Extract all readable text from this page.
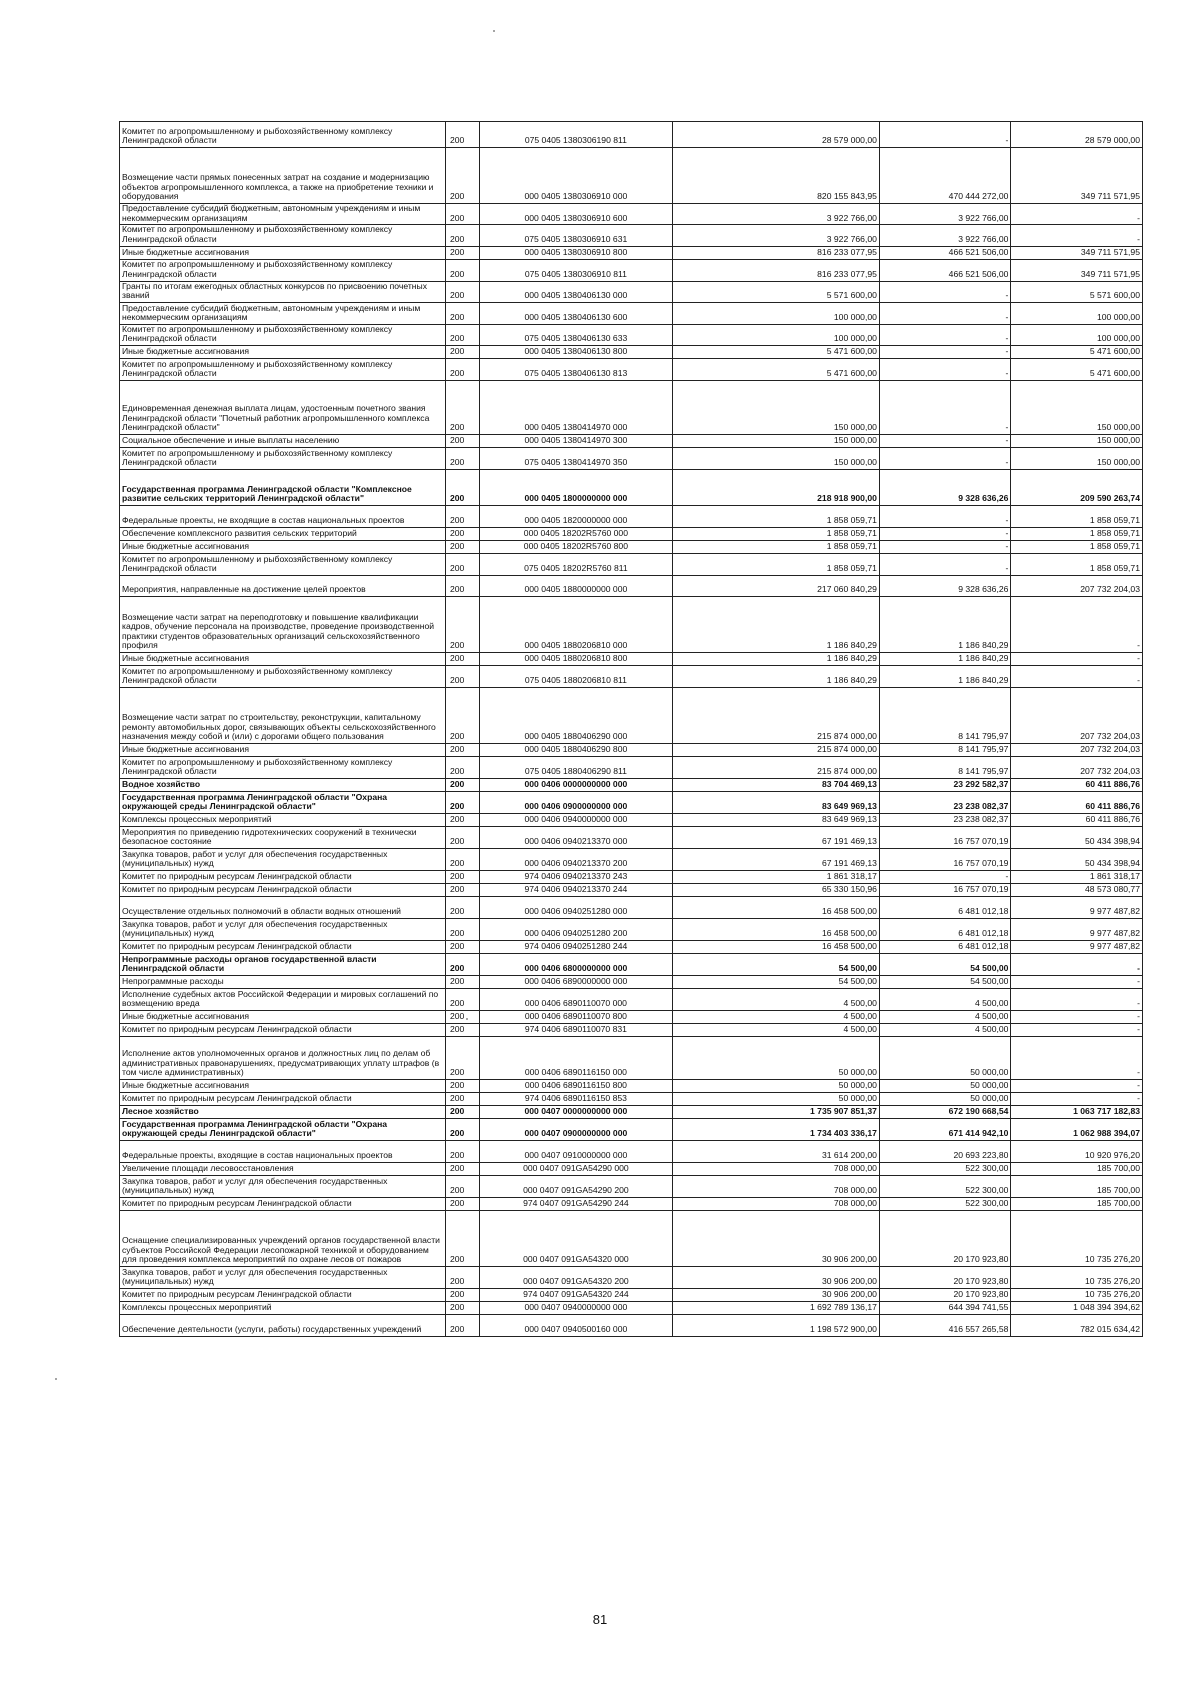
Комитет по агропромышленному и рыбохозяйственному комплексу Ленинградской области	200	075 0405 1380306190 811	28 579 000,00	-	28 579 000,00
Возмещение части прямых понесенных затрат на создание и модернизацию объектов агропромышленного комплекса, а также на приобретение техники и оборудования	200	000 0405 1380306910 000	820 155 843,95	470 444 272,00	349 711 571,95
Предоставление субсидий бюджетным, автономным учреждениям и иным некоммерческим организациям	200	000 0405 1380306910 600	3 922 766,00	3 922 766,00	-
Комитет по агропромышленному и рыбохозяйственному комплексу Ленинградской области	200	075 0405 1380306910 631	3 922 766,00	3 922 766,00	-
Иные бюджетные ассигнования	200	000 0405 1380306910 800	816 233 077,95	466 521 506,00	349 711 571,95
Комитет по агропромышленному и рыбохозяйственному комплексу Ленинградской области	200	075 0405 1380306910 811	816 233 077,95	466 521 506,00	349 711 571,95
Гранты по итогам ежегодных областных конкурсов по присвоению почетных званий	200	000 0405 1380406130 000	5 571 600,00	-	5 571 600,00
Предоставление субсидий бюджетным, автономным учреждениям и иным некоммерческим организациям	200	000 0405 1380406130 600	100 000,00	-	100 000,00
Комитет по агропромышленному и рыбохозяйственному комплексу Ленинградской области	200	075 0405 1380406130 633	100 000,00	-	100 000,00
Иные бюджетные ассигнования	200	000 0405 1380406130 800	5 471 600,00	-	5 471 600,00
Комитет по агропромышленному и рыбохозяйственному комплексу Ленинградской области	200	075 0405 1380406130 813	5 471 600,00	-	5 471 600,00
Единовременная денежная выплата лицам, удостоенным почетного звания Ленинградской области "Почетный работник агропромышленного комплекса Ленинградской области"	200	000 0405 1380414970 000	150 000,00	-	150 000,00
Социальное обеспечение и иные выплаты населению	200	000 0405 1380414970 300	150 000,00	-	150 000,00
Комитет по агропромышленному и рыбохозяйственному комплексу Ленинградской области	200	075 0405 1380414970 350	150 000,00	-	150 000,00
Государственная программа Ленинградской области "Комплексное развитие сельских территорий Ленинградской области"	200	000 0405 1800000000 000	218 918 900,00	9 328 636,26	209 590 263,74
Федеральные проекты, не входящие в состав национальных проектов	200	000 0405 1820000000 000	1 858 059,71	-	1 858 059,71
Обеспечение комплексного развития сельских территорий	200	000 0405 18202R5760 000	1 858 059,71	-	1 858 059,71
Иные бюджетные ассигнования	200	000 0405 18202R5760 800	1 858 059,71	-	1 858 059,71
Комитет по агропромышленному и рыбохозяйственному комплексу Ленинградской области	200	075 0405 18202R5760 811	1 858 059,71	-	1 858 059,71
Мероприятия, направленные на достижение целей проектов	200	000 0405 1880000000 000	217 060 840,29	9 328 636,26	207 732 204,03
Возмещение части затрат на переподготовку и повышение квалификации кадров, обучение персонала на производстве, проведение производственной практики студентов образовательных организаций сельскохозяйственного профиля	200	000 0405 1880206810 000	1 186 840,29	1 186 840,29	-
Иные бюджетные ассигнования	200	000 0405 1880206810 800	1 186 840,29	1 186 840,29	-
Комитет по агропромышленному и рыбохозяйственному комплексу Ленинградской области	200	075 0405 1880206810 811	1 186 840,29	1 186 840,29	-
Возмещение части затрат по строительству, реконструкции, капитальному ремонту автомобильных дорог, связывающих объекты сельскохозяйственного назначения между собой и (или) с дорогами общего пользования	200	000 0405 1880406290 000	215 874 000,00	8 141 795,97	207 732 204,03
Иные бюджетные ассигнования	200	000 0405 1880406290 800	215 874 000,00	8 141 795,97	207 732 204,03
Комитет по агропромышленному и рыбохозяйственному комплексу Ленинградской области	200	075 0405 1880406290 811	215 874 000,00	8 141 795,97	207 732 204,03
Водное хозяйство	200	000 0406 0000000000 000	83 704 469,13	23 292 582,37	60 411 886,76
Государственная программа Ленинградской области "Охрана окружающей среды Ленинградской области"	200	000 0406 0900000000 000	83 649 969,13	23 238 082,37	60 411 886,76
Комплексы процессных мероприятий	200	000 0406 0940000000 000	83 649 969,13	23 238 082,37	60 411 886,76
Мероприятия по приведению гидротехнических сооружений в технически безопасное состояние	200	000 0406 0940213370 000	67 191 469,13	16 757 070,19	50 434 398,94
Закупка товаров, работ и услуг для обеспечения государственных (муниципальных) нужд	200	000 0406 0940213370 200	67 191 469,13	16 757 070,19	50 434 398,94
Комитет по природным ресурсам Ленинградской области	200	974 0406 0940213370 243	1 861 318,17	-	1 861 318,17
Комитет по природным ресурсам Ленинградской области	200	974 0406 0940213370 244	65 330 150,96	16 757 070,19	48 573 080,77
Осуществление отдельных полномочий в области водных отношений	200	000 0406 0940251280 000	16 458 500,00	6 481 012,18	9 977 487,82
Закупка товаров, работ и услуг для обеспечения государственных (муниципальных) нужд	200	000 0406 0940251280 200	16 458 500,00	6 481 012,18	9 977 487,82
Комитет по природным ресурсам Ленинградской области	200	974 0406 0940251280 244	16 458 500,00	6 481 012,18	9 977 487,82
Непрограммные расходы органов государственной власти Ленинградской области	200	000 0406 6800000000 000	54 500,00	54 500,00	-
Непрограммные расходы	200	000 0406 6890000000 000	54 500,00	54 500,00	-
Исполнение судебных актов Российской Федерации и мировых соглашений по возмещению вреда	200	000 0406 6890110070 000	4 500,00	4 500,00	-
Иные бюджетные ассигнования	200	000 0406 6890110070 800	4 500,00	4 500,00	-
Комитет по природным ресурсам Ленинградской области	200	974 0406 6890110070 831	4 500,00	4 500,00	-
Исполнение актов уполномоченных органов и должностных лиц по делам об административных правонарушениях, предусматривающих уплату штрафов (в том числе административных)	200	000 0406 6890116150 000	50 000,00	50 000,00	-
Иные бюджетные ассигнования	200	000 0406 6890116150 800	50 000,00	50 000,00	-
Комитет по природным ресурсам Ленинградской области	200	974 0406 6890116150 853	50 000,00	50 000,00	-
Лесное хозяйство	200	000 0407 0000000000 000	1 735 907 851,37	672 190 668,54	1 063 717 182,83
Государственная программа Ленинградской области "Охрана окружающей среды Ленинградской области"	200	000 0407 0900000000 000	1 734 403 336,17	671 414 942,10	1 062 988 394,07
Федеральные проекты, входящие в состав национальных проектов	200	000 0407 0910000000 000	31 614 200,00	20 693 223,80	10 920 976,20
Увеличение площади лесовосстановления	200	000 0407 091GA54290 000	708 000,00	522 300,00	185 700,00
Закупка товаров, работ и услуг для обеспечения государственных (муниципальных) нужд	200	000 0407 091GA54290 200	708 000,00	522 300,00	185 700,00
Комитет по природным ресурсам Ленинградской области	200	974 0407 091GA54290 244	708 000,00	522 300,00	185 700,00
Оснащение специализированных учреждений органов государственной власти субъектов Российской Федерации лесопожарной техникой и оборудованием для проведения комплекса мероприятий по охране лесов от пожаров	200	000 0407 091GA54320 000	30 906 200,00	20 170 923,80	10 735 276,20
Закупка товаров, работ и услуг для обеспечения государственных (муниципальных) нужд	200	000 0407 091GA54320 200	30 906 200,00	20 170 923,80	10 735 276,20
Комитет по природным ресурсам Ленинградской области	200	974 0407 091GA54320 244	30 906 200,00	20 170 923,80	10 735 276,20
Комплексы процессных мероприятий	200	000 0407 0940000000 000	1 692 789 136,17	644 394 741,55	1 048 394 394,62
Обеспечение деятельности (услуги, работы) государственных учреждений	200	000 0407 0940500160 000	1 198 572 900,00	416 557 265,58	782 015 634,42
81
